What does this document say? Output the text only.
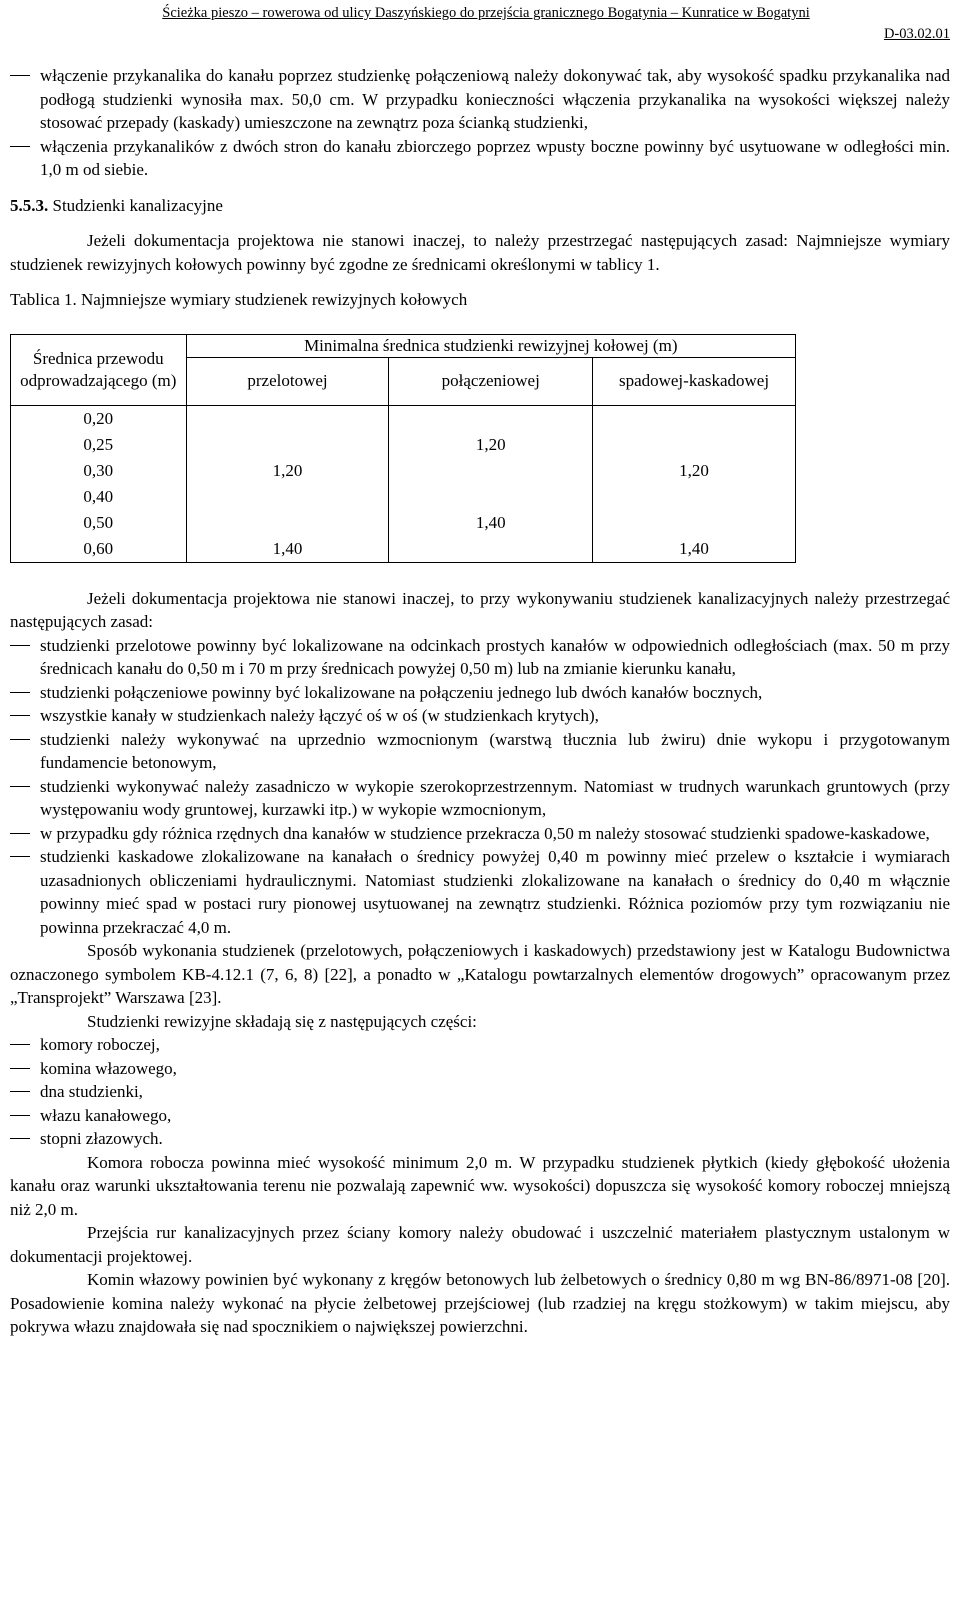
Ścieżka pieszo – rowerowa od ulicy Daszyńskiego do przejścia granicznego Bogatynia – Kunratice w Bogatyni
D-03.02.01
włączenie przykanalika do kanału poprzez studzienkę połączeniową należy dokonywać tak, aby wysokość spadku przykanalika nad podłogą studzienki wynosiła max. 50,0 cm. W przypadku konieczności włączenia przykanalika na wysokości większej należy stosować przepady (kaskady) umieszczone na zewnątrz poza ścianką studzienki,
włączenia przykanalików z dwóch stron do kanału zbiorczego poprzez wpusty boczne powinny być usytuowane w odległości min. 1,0 m od siebie.

5.5.3. Studzienki kanalizacyjne

Jeżeli dokumentacja projektowa nie stanowi inaczej, to należy przestrzegać następujących zasad: Najmniejsze wymiary studzienek rewizyjnych kołowych powinny być zgodne ze średnicami określonymi w tablicy 1.

Tablica 1. Najmniejsze wymiary studzienek rewizyjnych kołowych

Średnica przewodu odprowadzającego (m)	Minimalna średnica studzienki rewizyjnej kołowej (m)		
	przelotowej	połączeniowej	spadowej-kaskadowej
0,20			
0,25		1,20	
0,30	1,20		1,20
0,40			
0,50		1,40	
0,60	1,40		1,40

Jeżeli dokumentacja projektowa nie stanowi inaczej, to przy wykonywaniu studzienek kanalizacyjnych należy przestrzegać następujących zasad:

studzienki przelotowe powinny być lokalizowane na odcinkach prostych kanałów w odpowiednich odległościach (max. 50 m przy średnicach kanału do 0,50 m i 70 m przy średnicach powyżej 0,50 m) lub na zmianie kierunku kanału,
studzienki połączeniowe powinny być lokalizowane na połączeniu jednego lub dwóch kanałów bocznych,
wszystkie kanały w studzienkach należy łączyć oś w oś (w studzienkach krytych),
studzienki należy wykonywać na uprzednio wzmocnionym (warstwą tłucznia lub żwiru) dnie wykopu i przygotowanym fundamencie betonowym,
studzienki wykonywać należy zasadniczo w wykopie szerokoprzestrzennym. Natomiast w trudnych warunkach gruntowych (przy występowaniu wody gruntowej, kurzawki itp.) w wykopie wzmocnionym,
w przypadku gdy różnica rzędnych dna kanałów w studzience przekracza 0,50 m należy stosować studzienki spadowe-kaskadowe,
studzienki kaskadowe zlokalizowane na kanałach o średnicy powyżej 0,40 m powinny mieć przelew o kształcie i wymiarach uzasadnionych obliczeniami hydraulicznymi. Natomiast studzienki zlokalizowane na kanałach o średnicy do 0,40 m włącznie powinny mieć spad w postaci rury pionowej usytuowanej na zewnątrz studzienki. Różnica poziomów przy tym rozwiązaniu nie powinna przekraczać 4,0 m.

Sposób wykonania studzienek (przelotowych, połączeniowych i kaskadowych) przedstawiony jest w Katalogu Budownictwa oznaczonego symbolem KB-4.12.1 (7, 6, 8) [22], a ponadto w „Katalogu powtarzalnych elementów drogowych” opracowanym przez „Transprojekt” Warszawa [23].

Studzienki rewizyjne składają się z następujących części:

komory roboczej,
komina włazowego,
dna studzienki,
włazu kanałowego,
stopni złazowych.

Komora robocza powinna mieć wysokość minimum 2,0 m. W przypadku studzienek płytkich (kiedy głębokość ułożenia kanału oraz warunki ukształtowania terenu nie pozwalają zapewnić ww. wysokości) dopuszcza się wysokość komory roboczej mniejszą niż 2,0 m.

Przejścia rur kanalizacyjnych przez ściany komory należy obudować i uszczelnić materiałem plastycznym ustalonym w dokumentacji projektowej.

Komin włazowy powinien być wykonany z kręgów betonowych lub żelbetowych o średnicy 0,80 m wg BN-86/8971-08 [20]. Posadowienie komina należy wykonać na płycie żelbetowej przejściowej (lub rzadziej na kręgu stożkowym) w takim miejscu, aby pokrywa włazu znajdowała się nad spocznikiem o największej powierzchni.
